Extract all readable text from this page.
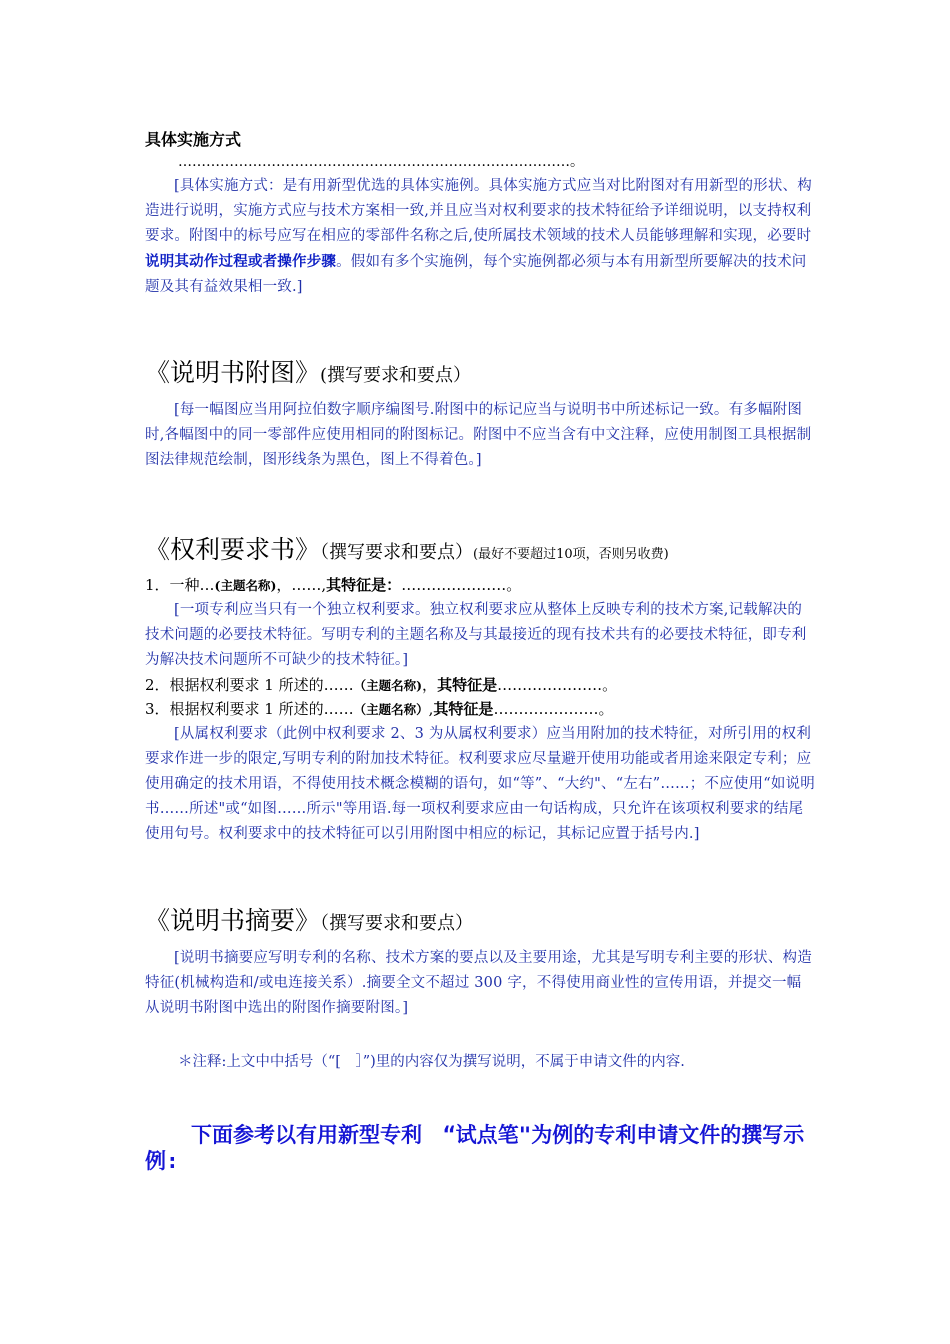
具体实施方式
…………………………………………………………………………。
[具体实施方式：是有用新型优选的具体实施例。具体实施方式应当对比附图对有用新型的形状、构造进行说明，实施方式应与技术方案相一致,并且应当对权利要求的技术特征给予详细说明，以支持权利要求。附图中的标号应写在相应的零部件名称之后,使所属技术领域的技术人员能够理解和实现，必要时说明其动作过程或者操作步骤。假如有多个实施例，每个实施例都必须与本有用新型所要解决的技术问题及其有益效果相一致.]
《说明书附图》(撰写要求和要点）
[每一幅图应当用阿拉伯数字顺序编图号.附图中的标记应当与说明书中所述标记一致。有多幅附图时,各幅图中的同一零部件应使用相同的附图标记。附图中不应当含有中文注释，应使用制图工具根据制图法律规范绘制，图形线条为黑色，图上不得着色。]
《权利要求书》（撰写要求和要点）(最好不要超过10项，否则另收费)
1．一种…(主题名称)，……,其特征是：…………………。
[一项专利应当只有一个独立权利要求。独立权利要求应从整体上反映专利的技术方案,记载解决的技术问题的必要技术特征。写明专利的主题名称及与其最接近的现有技术共有的必要技术特征，即专利为解决技术问题所不可缺少的技术特征。]
2．根据权利要求 1 所述的……（主题名称)，其特征是…………………。
3．根据权利要求 1 所述的……（主题名称）,其特征是…………………。
[从属权利要求（此例中权利要求 2、3 为从属权利要求）应当用附加的技术特征，对所引用的权利要求作进一步的限定,写明专利的附加技术特征。权利要求应尽量避开使用功能或者用途来限定专利；应使用确定的技术用语，不得使用技术概念模糊的语句，如“等”、“大约"、“左右”……；不应使用“如说明书……所述"或“如图……所示"等用语.每一项权利要求应由一句话构成，只允许在该项权利要求的结尾使用句号。权利要求中的技术特征可以引用附图中相应的标记，其标记应置于括号内.]
《说明书摘要》（撰写要求和要点）
[说明书摘要应写明专利的名称、技术方案的要点以及主要用途，尤其是写明专利主要的形状、构造特征(机械构造和/或电连接关系）.摘要全文不超过 300 字，不得使用商业性的宣传用语，并提交一幅从说明书附图中选出的附图作摘要附图。]
＊注释:上文中中括号（“[　］”)里的内容仅为撰写说明，不属于申请文件的内容.
下面参考以有用新型专利　“试点笔"为例的专利申请文件的撰写示例:
